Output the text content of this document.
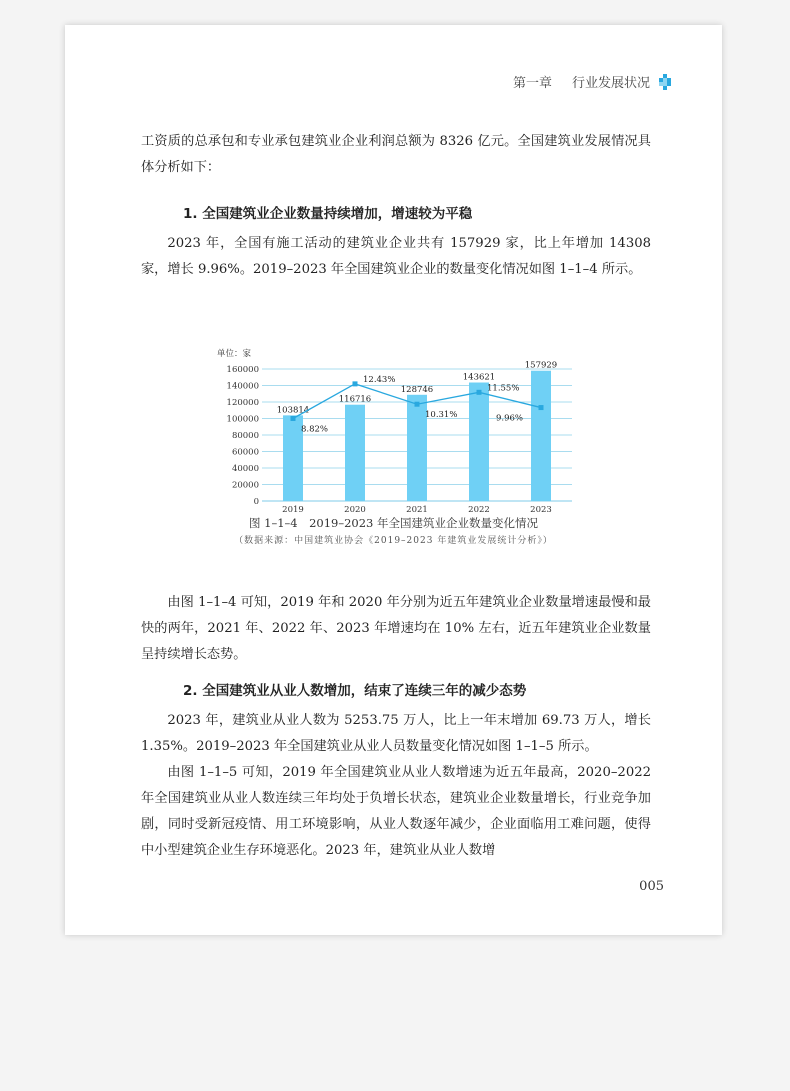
第一章 行业发展状况
工资质的总承包和专业承包建筑业企业利润总额为 8326 亿元。全国建筑业发展情况具体分析如下：
1. 全国建筑业企业数量持续增加，增速较为平稳
2023 年，全国有施工活动的建筑业企业共有 157929 家，比上年增加 14308 家，增长 9.96%。2019–2023 年全国建筑业企业的数量变化情况如图 1–1–4 所示。
单位：家
0
20000
40000
60000
80000
100000
120000
140000
160000
103814
2019
116716
2020
128746
2021
143621
2022
157929
2023
8.82%
12.43%
10.31%
11.55%
9.96%
图 1–1–4　2019–2023 年全国建筑业企业数量变化情况
（数据来源：中国建筑业协会《2019–2023 年建筑业发展统计分析》）
由图 1–1–4 可知，2019 年和 2020 年分别为近五年建筑业企业数量增速最慢和最快的两年，2021 年、2022 年、2023 年增速均在 10% 左右，近五年建筑业企业数量呈持续增长态势。
2. 全国建筑业从业人数增加，结束了连续三年的减少态势
2023 年，建筑业从业人数为 5253.75 万人，比上一年末增加 69.73 万人，增长 1.35%。2019–2023 年全国建筑业从业人员数量变化情况如图 1–1–5 所示。
由图 1–1–5 可知，2019 年全国建筑业从业人数增速为近五年最高，2020–2022 年全国建筑业从业人数连续三年均处于负增长状态，建筑业企业数量增长，行业竞争加剧，同时受新冠疫情、用工环境影响，从业人数逐年减少，企业面临用工难问题，使得中小型建筑企业生存环境恶化。2023 年，建筑业从业人数增
005
